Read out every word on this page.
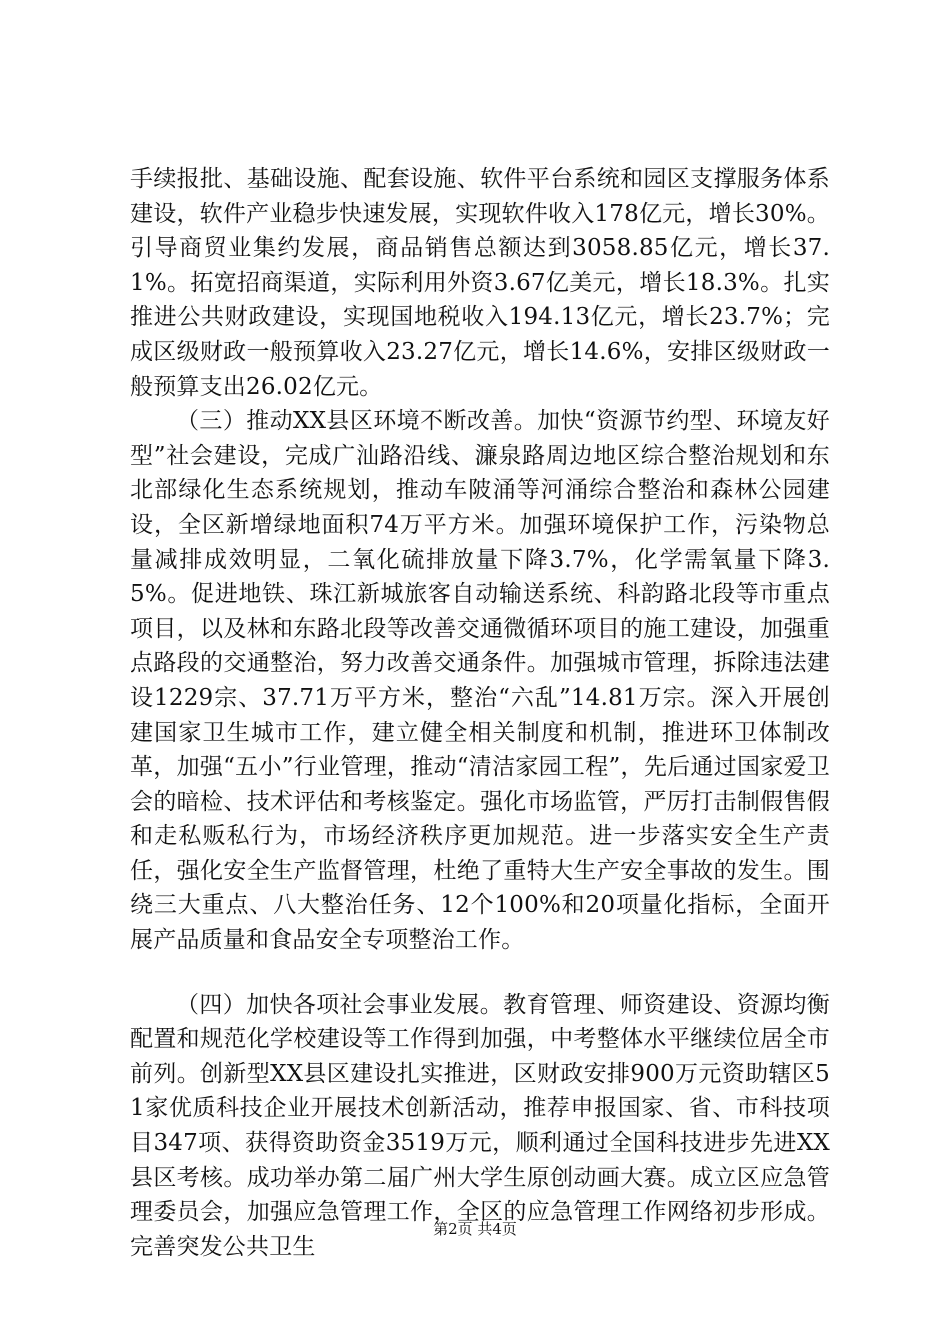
手续报批、基础设施、配套设施、软件平台系统和园区支撑服务体系建设，软件产业稳步快速发展，实现软件收入178亿元，增长30%。引导商贸业集约发展，商品销售总额达到3058.85亿元，增长37.1%。拓宽招商渠道，实际利用外资3.67亿美元，增长18.3%。扎实推进公共财政建设，实现国地税收入194.13亿元，增长23.7%；完成区级财政一般预算收入23.27亿元，增长14.6%，安排区级财政一般预算支出26.02亿元。

（三）推动XX县区环境不断改善。加快“资源节约型、环境友好型”社会建设，完成广汕路沿线、濂泉路周边地区综合整治规划和东北部绿化生态系统规划，推动车陂涌等河涌综合整治和森林公园建设，全区新增绿地面积74万平方米。加强环境保护工作，污染物总量减排成效明显，二氧化硫排放量下降3.7%，化学需氧量下降3.5%。促进地铁、珠江新城旅客自动输送系统、科韵路北段等市重点项目，以及林和东路北段等改善交通微循环项目的施工建设，加强重点路段的交通整治，努力改善交通条件。加强城市管理，拆除违法建设1229宗、37.71万平方米，整治“六乱”14.81万宗。深入开展创建国家卫生城市工作，建立健全相关制度和机制，推进环卫体制改革，加强“五小”行业管理，推动“清洁家园工程”，先后通过国家爱卫会的暗检、技术评估和考核鉴定。强化市场监管，严厉打击制假售假和走私贩私行为，市场经济秩序更加规范。进一步落实安全生产责任，强化安全生产监督管理，杜绝了重特大生产安全事故的发生。围绕三大重点、八大整治任务、12个100%和20项量化指标，全面开展产品质量和食品安全专项整治工作。

（四）加快各项社会事业发展。教育管理、师资建设、资源均衡配置和规范化学校建设等工作得到加强，中考整体水平继续位居全市前列。创新型XX县区建设扎实推进，区财政安排900万元资助辖区51家优质科技企业开展技术创新活动，推荐申报国家、省、市科技项目347项、获得资助资金3519万元，顺利通过全国科技进步先进XX县区考核。成功举办第二届广州大学生原创动画大赛。成立区应急管理委员会，加强应急管理工作，全区的应急管理工作网络初步形成。完善突发公共卫生

第2页 共4页
